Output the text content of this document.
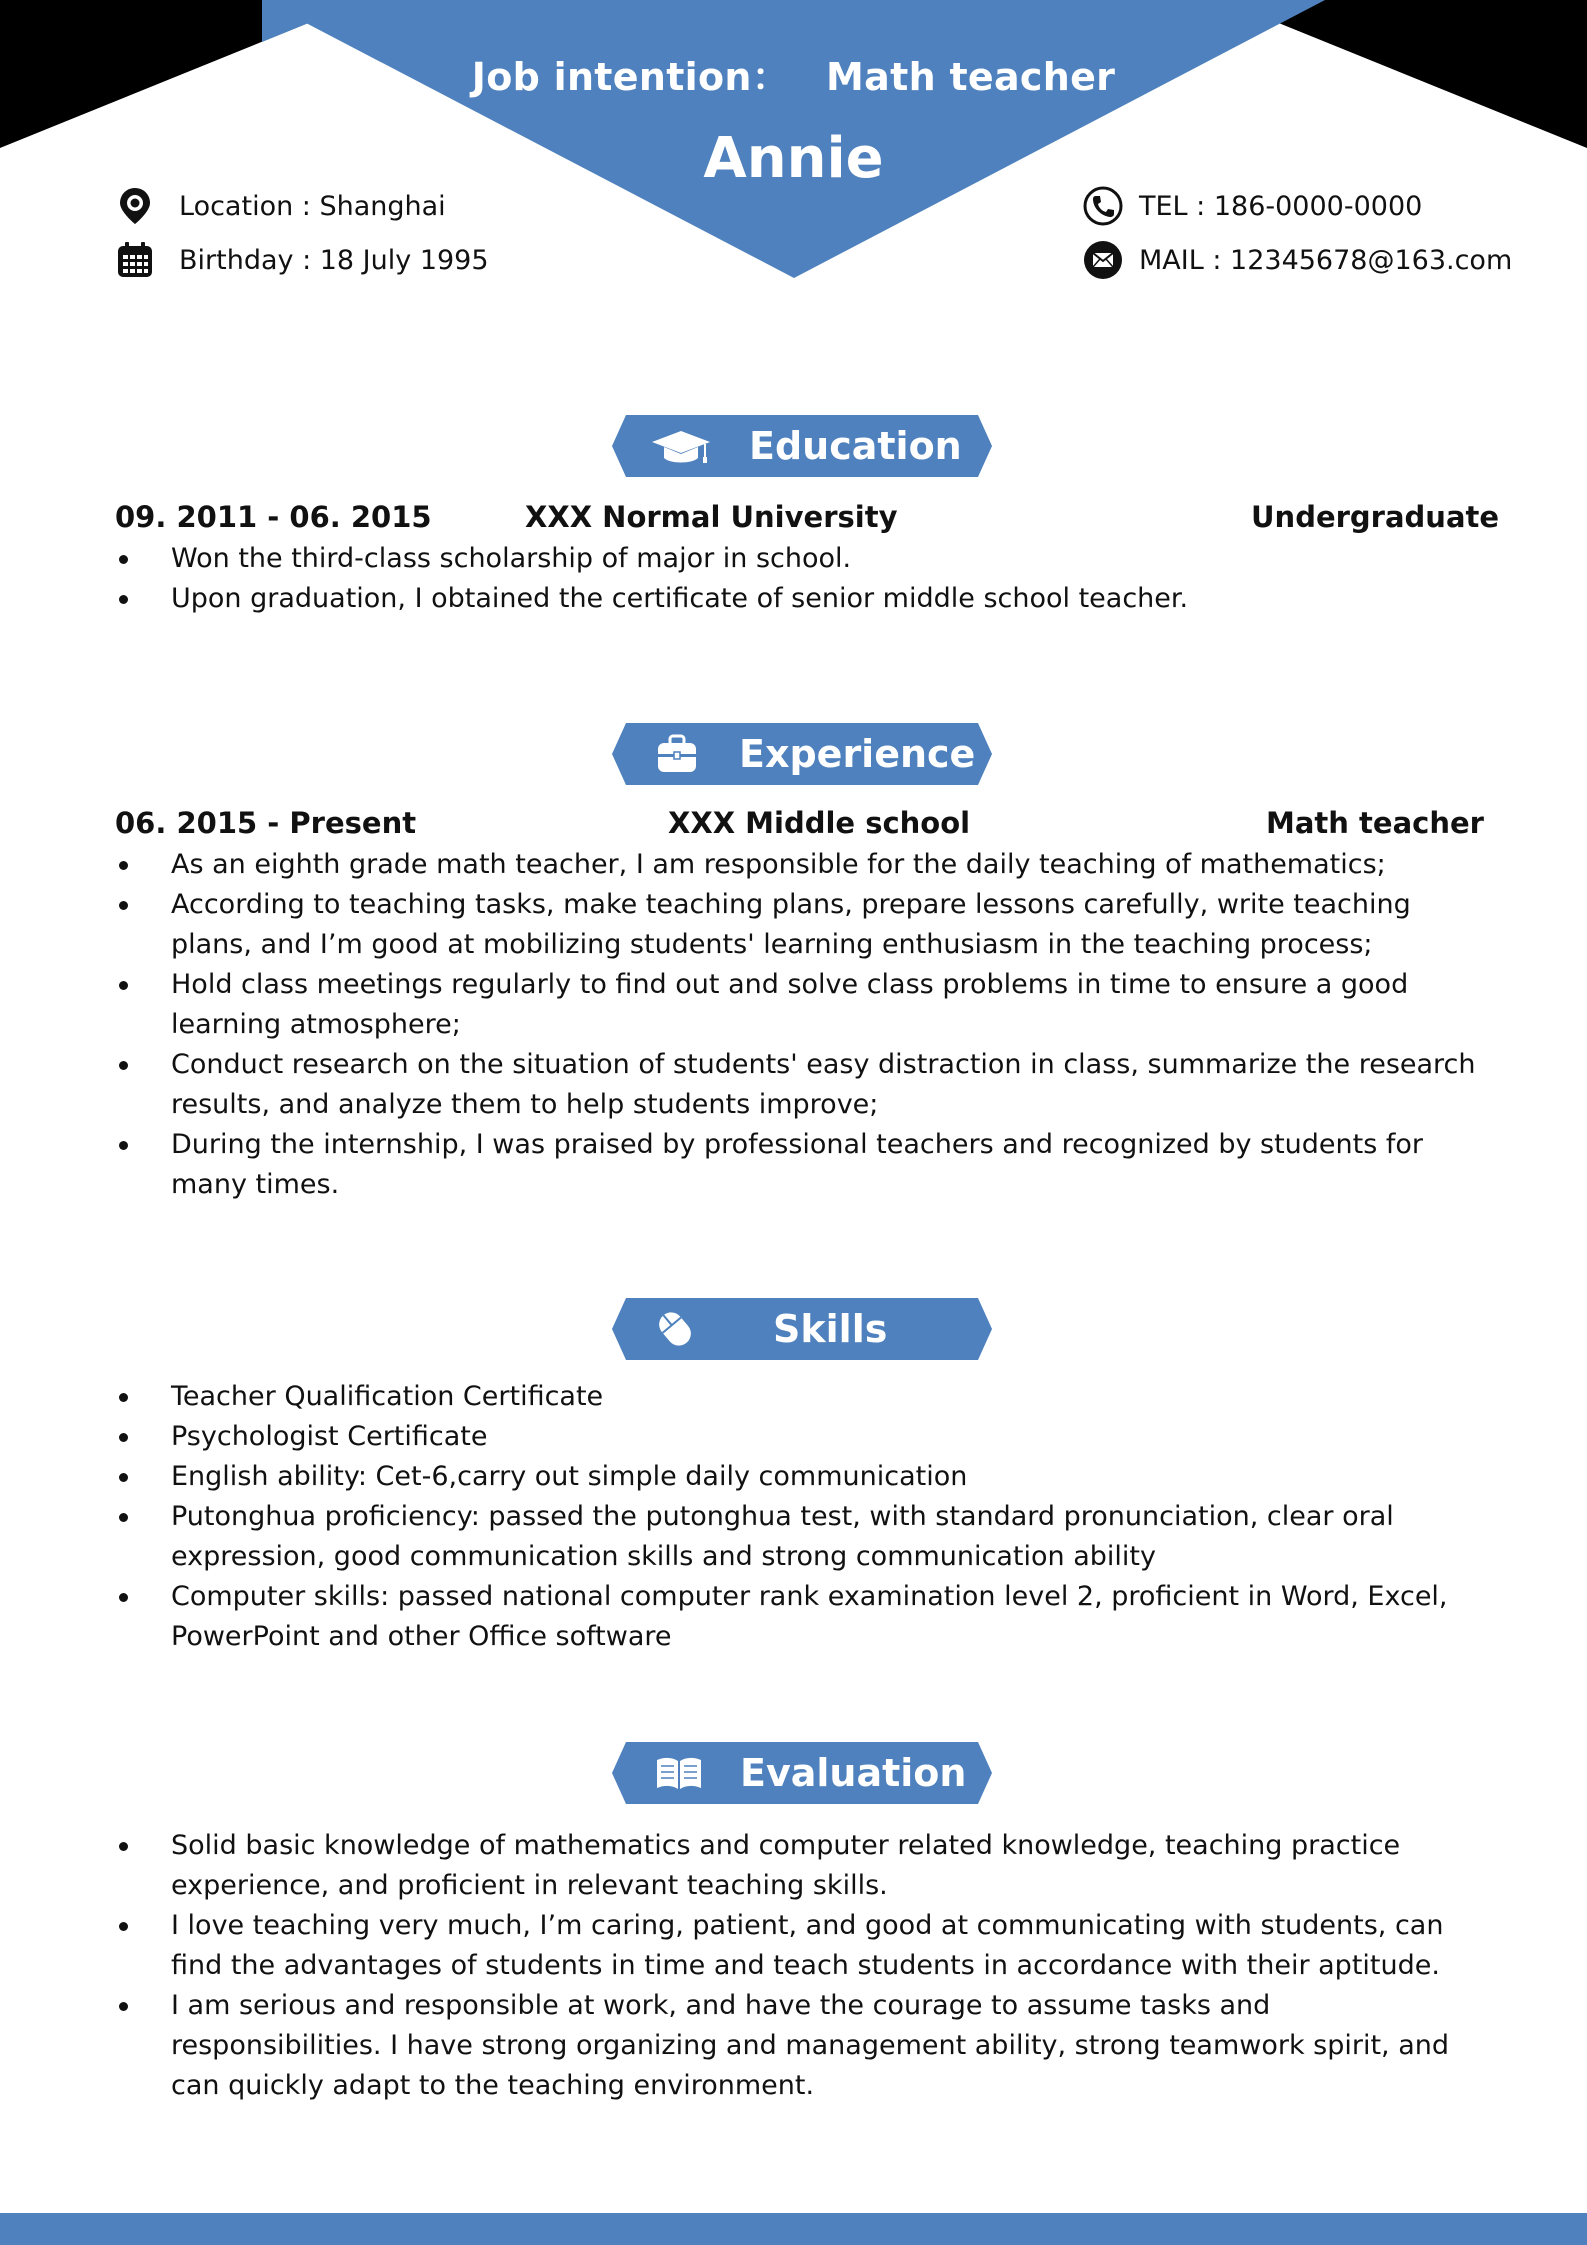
Job intention： Math teacher
Annie
Location : Shanghai
Birthday : 18 July 1995
TEL : 186-0000-0000
MAIL : 12345678@163.com
Education
09. 2011 - 06. 2015	XXX Normal University	Undergraduate
Won the third-class scholarship of major in school.
Upon graduation, I obtained the certificate of senior middle school teacher.
Experience
06. 2015 - Present	XXX Middle school	Math teacher
As an eighth grade math teacher, I am responsible for the daily teaching of mathematics;
According to teaching tasks, make teaching plans, prepare lessons carefully, write teaching plans, and I’m good at mobilizing students' learning enthusiasm in the teaching process;
Hold class meetings regularly to find out and solve class problems in time to ensure a good learning atmosphere;
Conduct research on the situation of students' easy distraction in class, summarize the research results, and analyze them to help students improve;
During the internship, I was praised by professional teachers and recognized by students for many times.
Skills
Teacher Qualification Certificate
Psychologist Certificate
English ability: Cet-6,carry out simple daily communication
Putonghua proficiency: passed the putonghua test, with standard pronunciation, clear oral expression, good communication skills and strong communication ability
Computer skills: passed national computer rank examination level 2, proficient in Word, Excel, PowerPoint and other Office software
Evaluation
Solid basic knowledge of mathematics and computer related knowledge, teaching practice experience, and proficient in relevant teaching skills.
I love teaching very much, I’m caring, patient, and good at communicating with students, can find the advantages of students in time and teach students in accordance with their aptitude.
I am serious and responsible at work, and have the courage to assume tasks and responsibilities. I have strong organizing and management ability, strong teamwork spirit, and can quickly adapt to the teaching environment.
